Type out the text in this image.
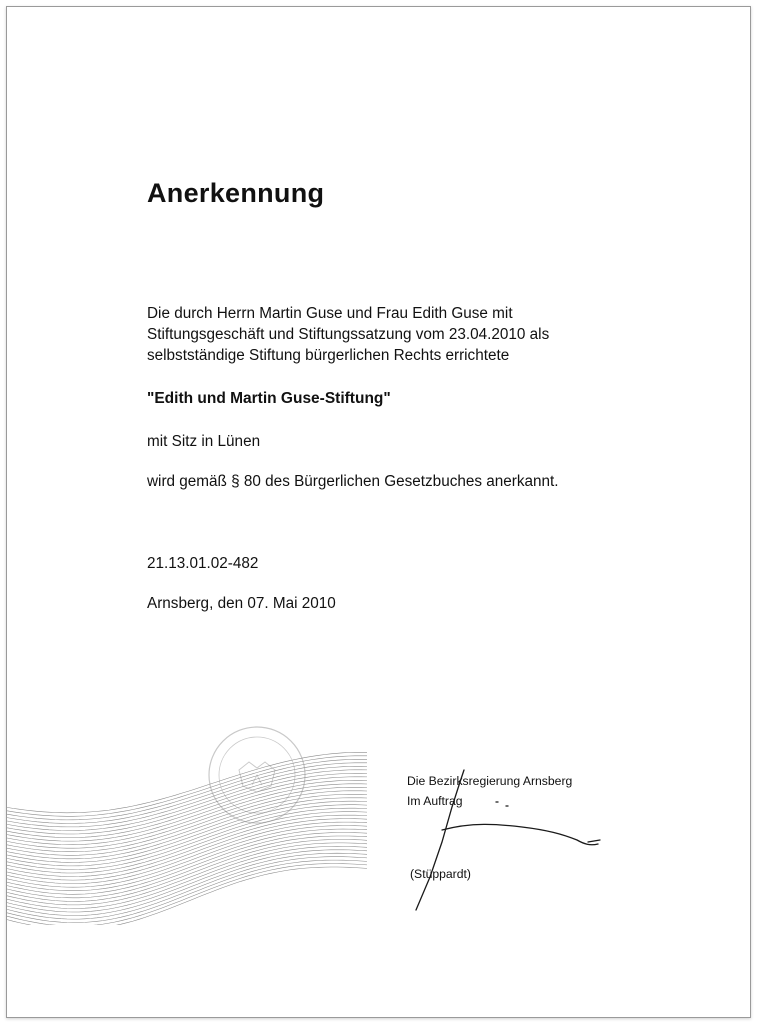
Anerkennung
Die durch Herrn Martin Guse und Frau Edith Guse mit
Stiftungsgeschäft und Stiftungssatzung vom 23.04.2010 als
selbstständige Stiftung bürgerlichen Rechts errichtete
"Edith und Martin Guse-Stiftung"
mit Sitz in Lünen
wird gemäß § 80 des Bürgerlichen Gesetzbuches anerkannt.
21.13.01.02-482
Arnsberg, den 07. Mai 2010
Die Bezirksregierung Arnsberg
Im Auftrag
(Stüppardt)
